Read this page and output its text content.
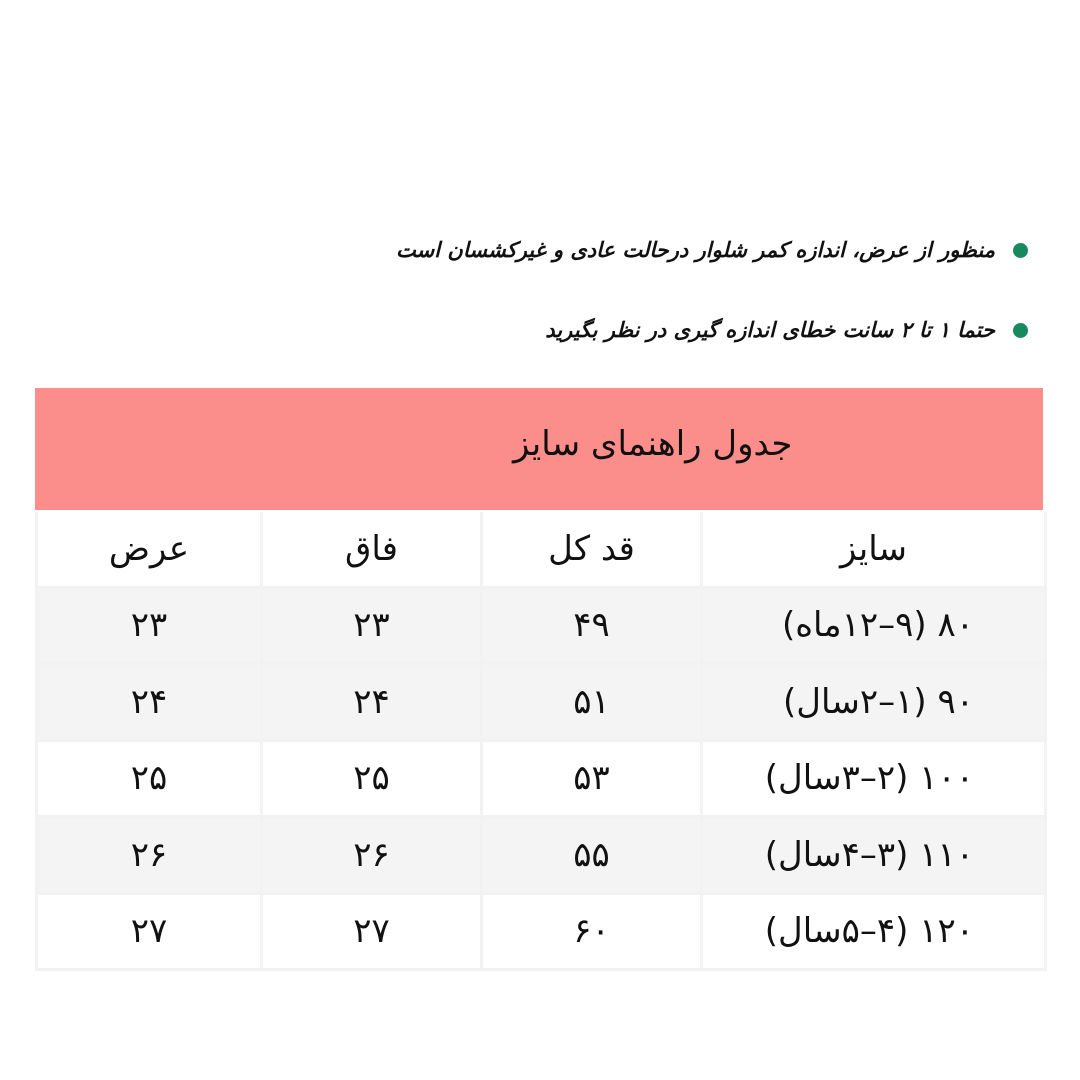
منظور از عرض، اندازه کمر شلوار درحالت عادی و غیرکشسان است
حتما ۱ تا ۲ سانت خطای اندازه گیری در نظر بگیرید
جدول راهنمای سایز
عرض	فاق	قد کل	سایز
۲۳	۲۳	۴۹	۸۰ (۹–۱۲ماه)
۲۴	۲۴	۵۱	۹۰ (۱–۲سال)
۲۵	۲۵	۵۳	۱۰۰ (۲–۳سال)
۲۶	۲۶	۵۵	۱۱۰ (۳–۴سال)
۲۷	۲۷	۶۰	۱۲۰ (۴–۵سال)
